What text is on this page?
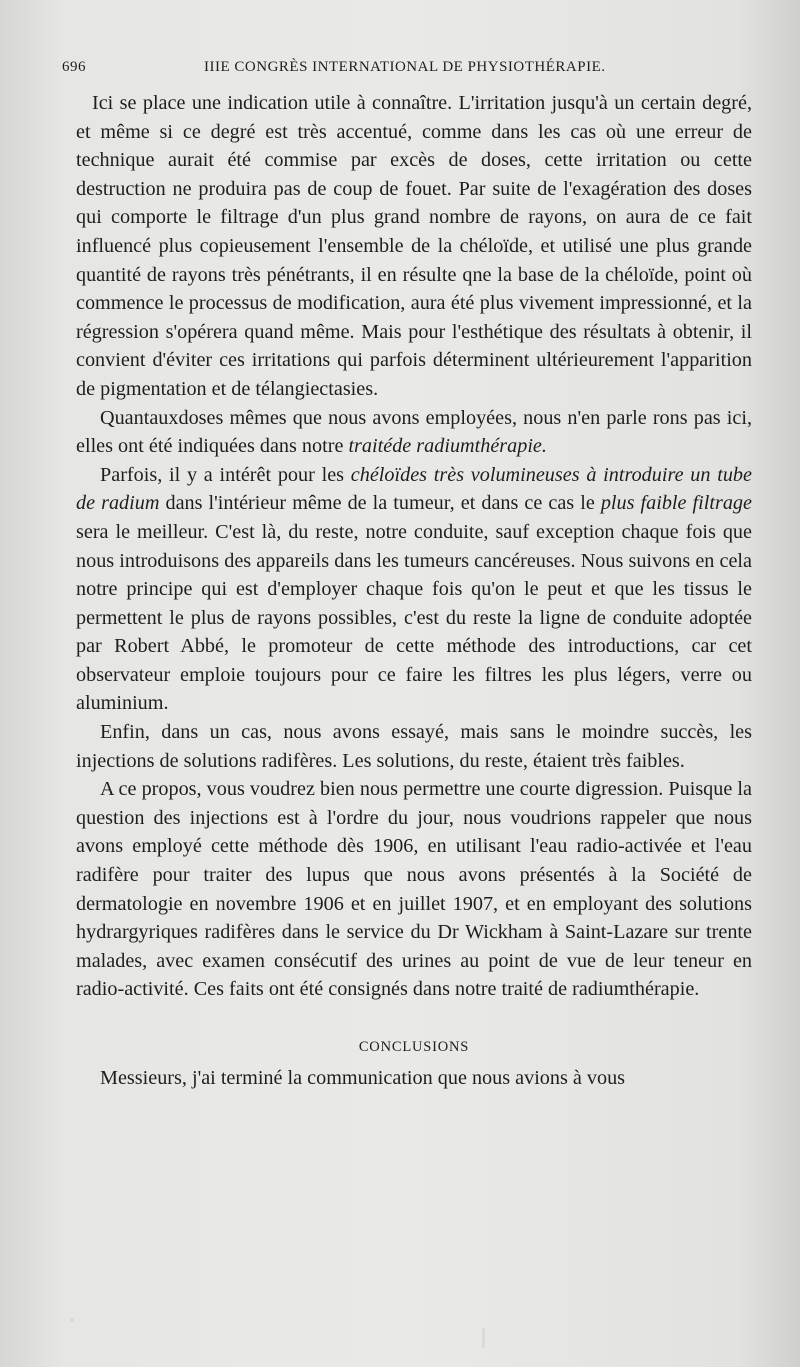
696	IIIE CONGRÈS INTERNATIONAL DE PHYSIOTHÉRAPIE.

Ici se place une indication utile à connaître. L'irritation jusqu'à un certain degré, et même si ce degré est très accentué, comme dans les cas où une erreur de technique aurait été commise par excès de doses, cette irritation ou cette destruction ne produira pas de coup de fouet. Par suite de l'exagération des doses qui comporte le filtrage d'un plus grand nombre de rayons, on aura de ce fait influencé plus copieusement l'ensemble de la chéloïde, et utilisé une plus grande quantité de rayons très pénétrants, il en résulte qne la base de la chéloïde, point où commence le processus de modification, aura été plus vivement impressionné, et la régression s'opérera quand même. Mais pour l'esthétique des résultats à obtenir, il convient d'éviter ces irritations qui parfois déterminent ultérieurement l'apparition de pigmentation et de télangiectasies.

Quantauxdoses mêmes que nous avons employées, nous n'en parle rons pas ici, elles ont été indiquées dans notre traitéde radiumthérapie.

Parfois, il y a intérêt pour les chéloïdes très volumineuses à introduire un tube de radium dans l'intérieur même de la tumeur, et dans ce cas le plus faible filtrage sera le meilleur. C'est là, du reste, notre conduite, sauf exception chaque fois que nous introduisons des appareils dans les tumeurs cancéreuses. Nous suivons en cela notre principe qui est d'employer chaque fois qu'on le peut et que les tissus le permettent le plus de rayons possibles, c'est du reste la ligne de conduite adoptée par Robert Abbé, le promoteur de cette méthode des introductions, car cet observateur emploie toujours pour ce faire les filtres les plus légers, verre ou aluminium.

Enfin, dans un cas, nous avons essayé, mais sans le moindre succès, les injections de solutions radifères. Les solutions, du reste, étaient très faibles.

A ce propos, vous voudrez bien nous permettre une courte digression. Puisque la question des injections est à l'ordre du jour, nous voudrions rappeler que nous avons employé cette méthode dès 1906, en utilisant l'eau radio-activée et l'eau radifère pour traiter des lupus que nous avons présentés à la Société de dermatologie en novembre 1906 et en juillet 1907, et en employant des solutions hydrargyriques radifères dans le service du Dr Wickham à Saint-Lazare sur trente malades, avec examen consécutif des urines au point de vue de leur teneur en radio-activité. Ces faits ont été consignés dans notre traité de radiumthérapie.

CONCLUSIONS

Messieurs, j'ai terminé la communication que nous avions à vous
